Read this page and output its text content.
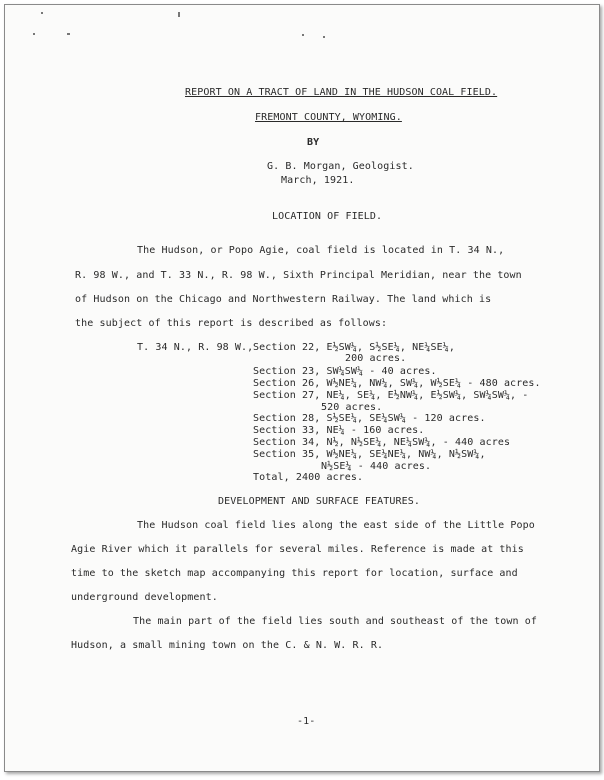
REPORT ON A TRACT OF LAND IN THE HUDSON COAL FIELD.
FREMONT COUNTY, WYOMING.
BY
G. B. Morgan, Geologist.
March, 1921.
LOCATION OF FIELD.
The Hudson, or Popo Agie, coal field is located in T. 34 N.,
R. 98 W., and T. 33 N., R. 98 W., Sixth Principal Meridian, near the town
of Hudson on the Chicago and Northwestern Railway. The land which is
the subject of this report is described as follows:
T. 34 N., R. 98 W., Section 22, E½SW¼, S½SE¼, NE¼SE¼,
200 acres.
Section 23, SW¼SW¼ - 40 acres.
Section 26, W½NE¼, NW¼, SW¼, W½SE¼ - 480 acres.
Section 27, NE¼, SE¼, E½NW¼, E½SW¼, SW¼SW¼, -
520 acres.
Section 28, S½SE¼, SE¼SW¼ - 120 acres.
Section 33, NE¼ - 160 acres.
Section 34, N½, N½SE¼, NE¼SW¼, - 440 acres
Section 35, W½NE¼, SE¼NE¼, NW¼, N½SW¼,
N½SE¼ - 440 acres.
Total, 2400 acres.
DEVELOPMENT AND SURFACE FEATURES.
The Hudson coal field lies along the east side of the Little Popo
Agie River which it parallels for several miles. Reference is made at this
time to the sketch map accompanying this report for location, surface and
underground development.
The main part of the field lies south and southeast of the town of
Hudson, a small mining town on the C. & N. W. R. R.
-1-
